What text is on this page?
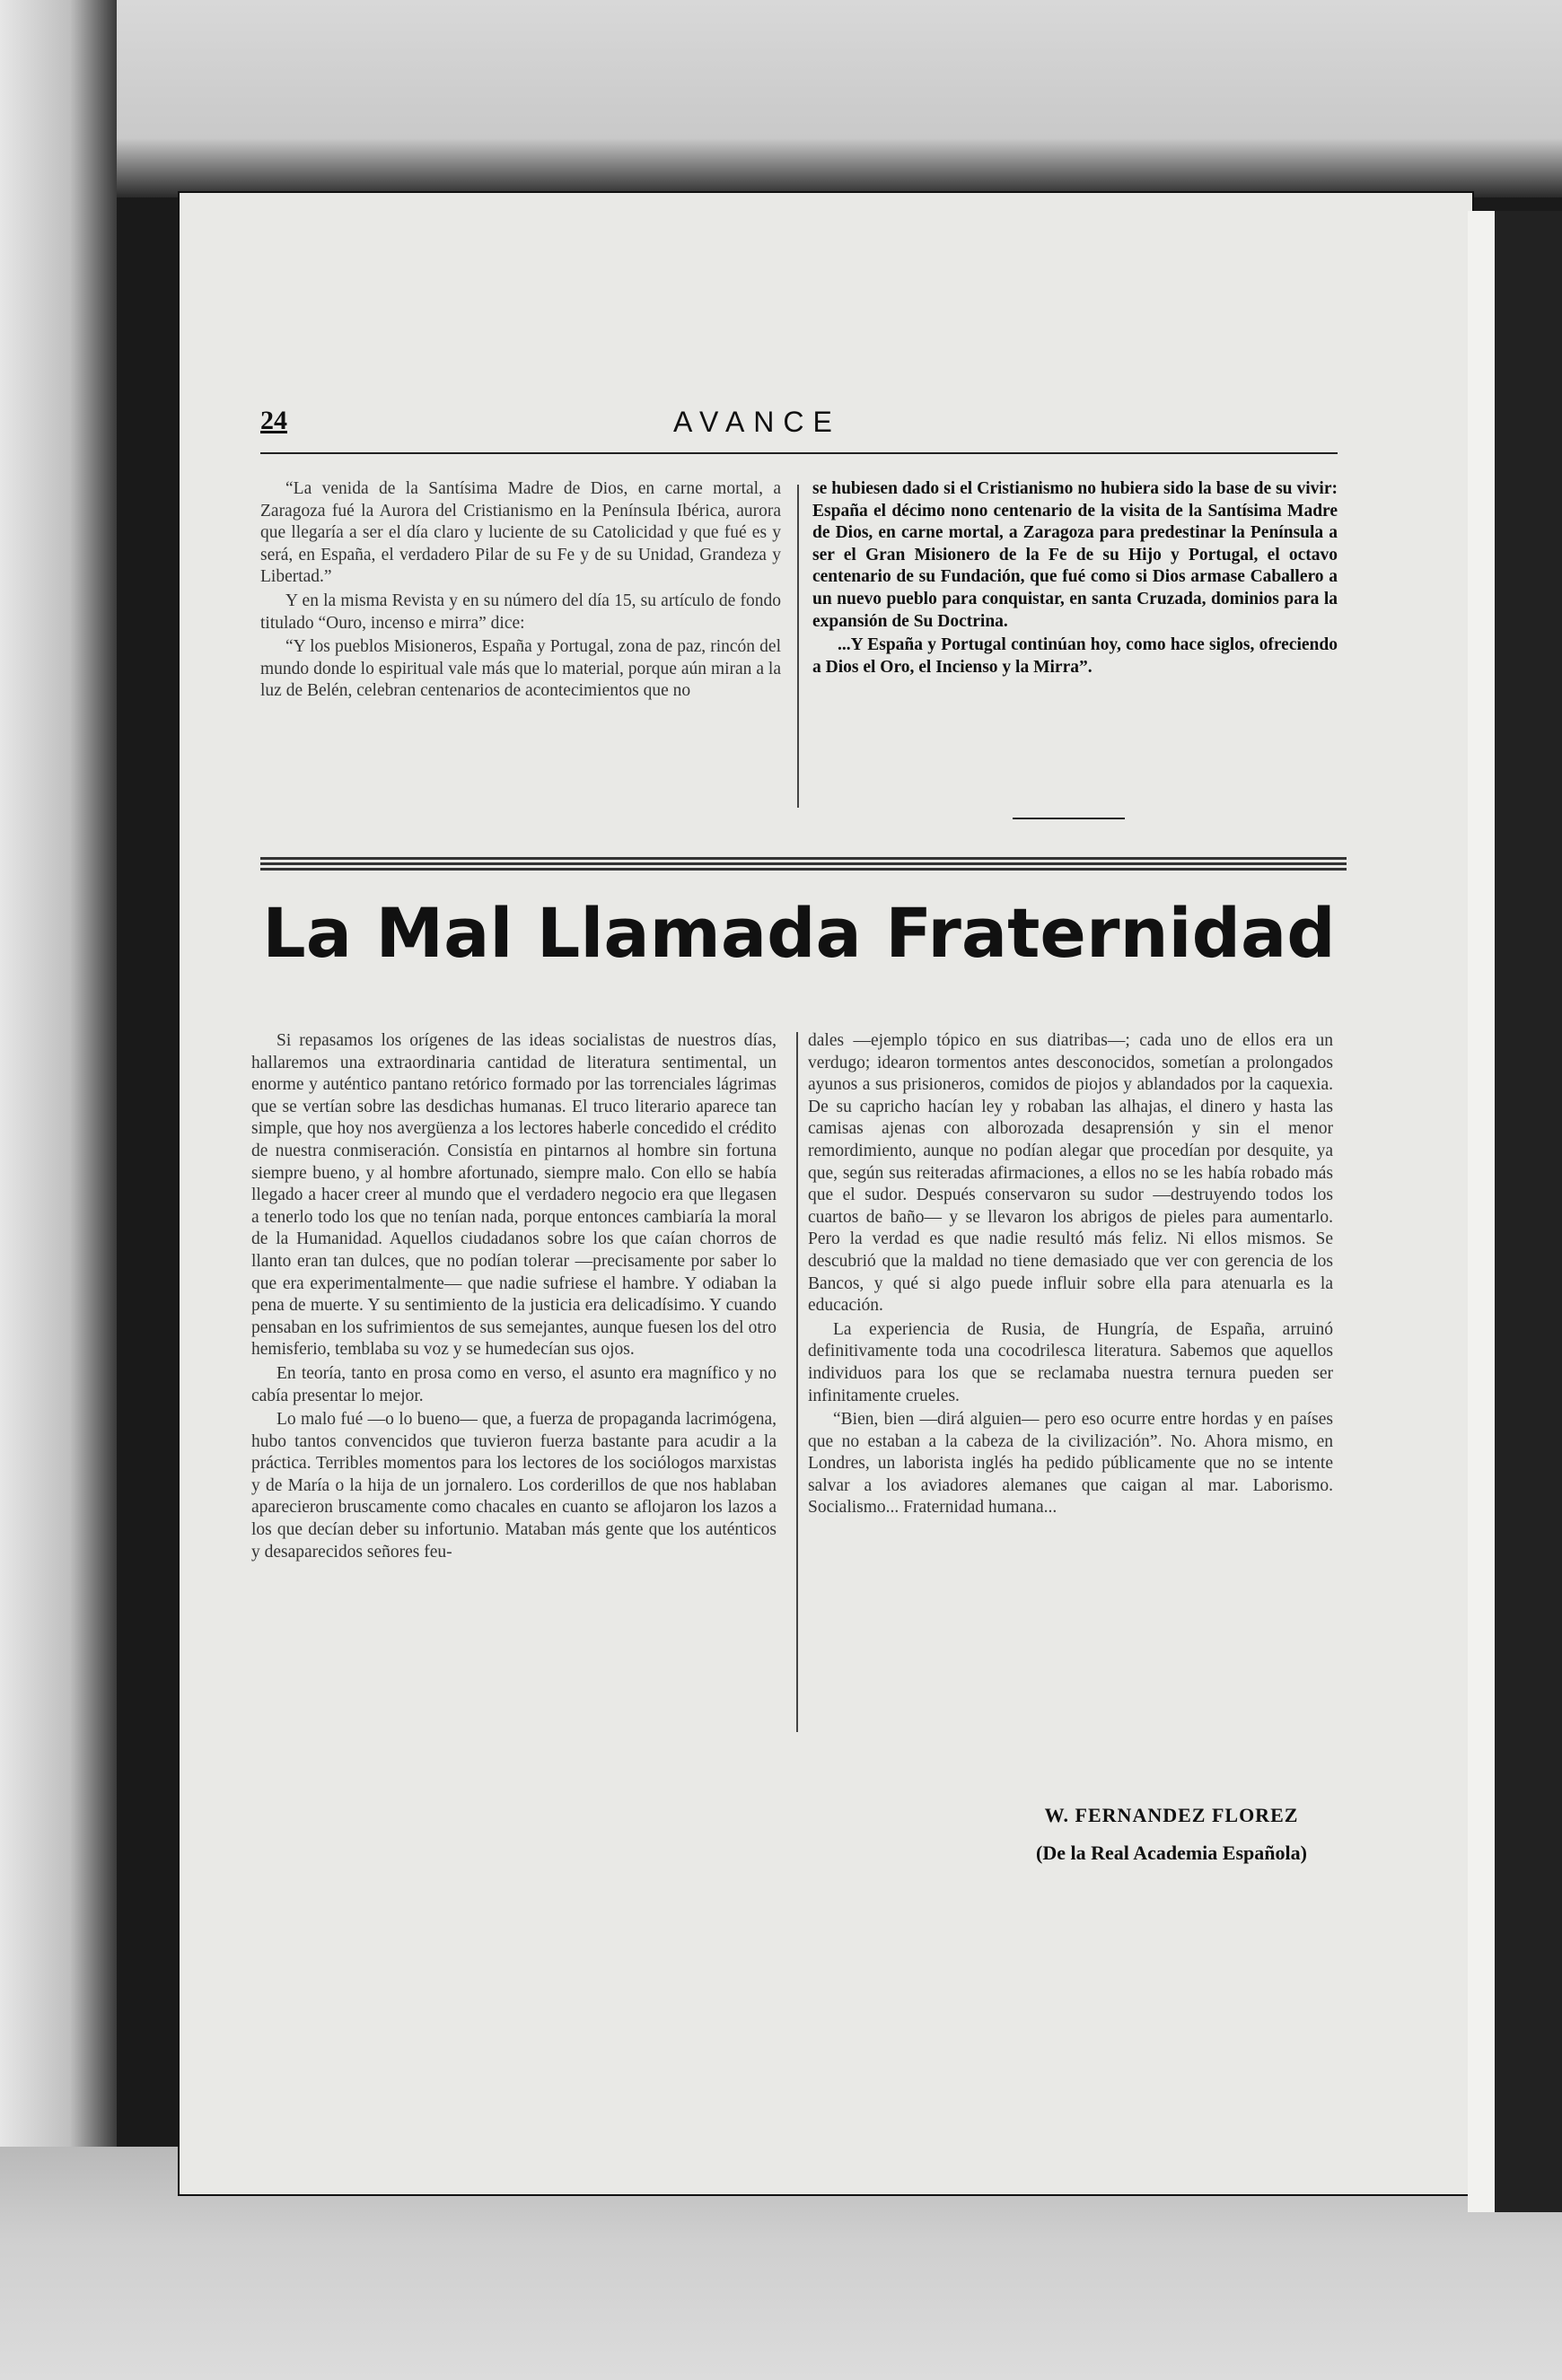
24	AVANCE

“La venida de la Santísima Madre de Dios, en carne mortal, a Zaragoza fué la Aurora del Cristianismo en la Península Ibérica, aurora que llegaría a ser el día claro y luciente de su Catolicidad y que fué es y será, en España, el verdadero Pilar de su Fe y de su Unidad, Grandeza y Libertad.”

Y en la misma Revista y en su número del día 15, su artículo de fondo titulado “Ouro, incenso e mirra” dice:

“Y los pueblos Misioneros, España y Portugal, zona de paz, rincón del mundo donde lo espiritual vale más que lo material, porque aún miran a la luz de Belén, celebran centenarios de acontecimientos que no

se hubiesen dado si el Cristianismo no hubiera sido la base de su vivir: España el décimo nono centenario de la visita de la Santísima Madre de Dios, en carne mortal, a Zaragoza para predestinar la Península a ser el Gran Misionero de la Fe de su Hijo y Portugal, el octavo centenario de su Fundación, que fué como si Dios armase Caballero a un nuevo pueblo para conquistar, en santa Cruzada, dominios para la expansión de Su Doctrina.

...Y España y Portugal continúan hoy, como hace siglos, ofreciendo a Dios el Oro, el Incienso y la Mirra”.

La Mal Llamada Fraternidad

Si repasamos los orígenes de las ideas socialistas de nuestros días, hallaremos una extraordinaria cantidad de literatura sentimental, un enorme y auténtico pantano retórico formado por las torrenciales lágrimas que se vertían sobre las desdichas humanas. El truco literario aparece tan simple, que hoy nos avergüenza a los lectores haberle concedido el crédito de nuestra conmiseración. Consistía en pintarnos al hombre sin fortuna siempre bueno, y al hombre afortunado, siempre malo. Con ello se había llegado a hacer creer al mundo que el verdadero negocio era que llegasen a tenerlo todo los que no tenían nada, porque entonces cambiaría la moral de la Humanidad. Aquellos ciudadanos sobre los que caían chorros de llanto eran tan dulces, que no podían tolerar —precisamente por saber lo que era experimentalmente— que nadie sufriese el hambre. Y odiaban la pena de muerte. Y su sentimiento de la justicia era delicadísimo. Y cuando pensaban en los sufrimientos de sus semejantes, aunque fuesen los del otro hemisferio, temblaba su voz y se humedecían sus ojos.

En teoría, tanto en prosa como en verso, el asunto era magnífico y no cabía presentar lo mejor.

Lo malo fué —o lo bueno— que, a fuerza de propaganda lacrimógena, hubo tantos convencidos que tuvieron fuerza bastante para acudir a la práctica. Terribles momentos para los lectores de los sociólogos marxistas y de María o la hija de un jornalero. Los corderillos de que nos hablaban aparecieron bruscamente como chacales en cuanto se aflojaron los lazos a los que decían deber su infortunio. Mataban más gente que los auténticos y desaparecidos señores feu-

dales —ejemplo tópico en sus diatribas—; cada uno de ellos era un verdugo; idearon tormentos antes desconocidos, sometían a prolongados ayunos a sus prisioneros, comidos de piojos y ablandados por la caquexia. De su capricho hacían ley y robaban las alhajas, el dinero y hasta las camisas ajenas con alborozada desaprensión y sin el menor remordimiento, aunque no podían alegar que procedían por desquite, ya que, según sus reiteradas afirmaciones, a ellos no se les había robado más que el sudor. Después conservaron su sudor —destruyendo todos los cuartos de baño— y se llevaron los abrigos de pieles para aumentarlo. Pero la verdad es que nadie resultó más feliz. Ni ellos mismos. Se descubrió que la maldad no tiene demasiado que ver con gerencia de los Bancos, y qué si algo puede influir sobre ella para atenuarla es la educación.

La experiencia de Rusia, de Hungría, de España, arruinó definitivamente toda una cocodrilesca literatura. Sabemos que aquellos individuos para los que se reclamaba nuestra ternura pueden ser infinitamente crueles.

“Bien, bien —dirá alguien— pero eso ocurre entre hordas y en países que no estaban a la cabeza de la civilización”. No. Ahora mismo, en Londres, un laborista inglés ha pedido públicamente que no se intente salvar a los aviadores alemanes que caigan al mar. Laborismo. Socialismo... Fraternidad humana...

W. FERNANDEZ FLOREZ
(De la Real Academia Española)
